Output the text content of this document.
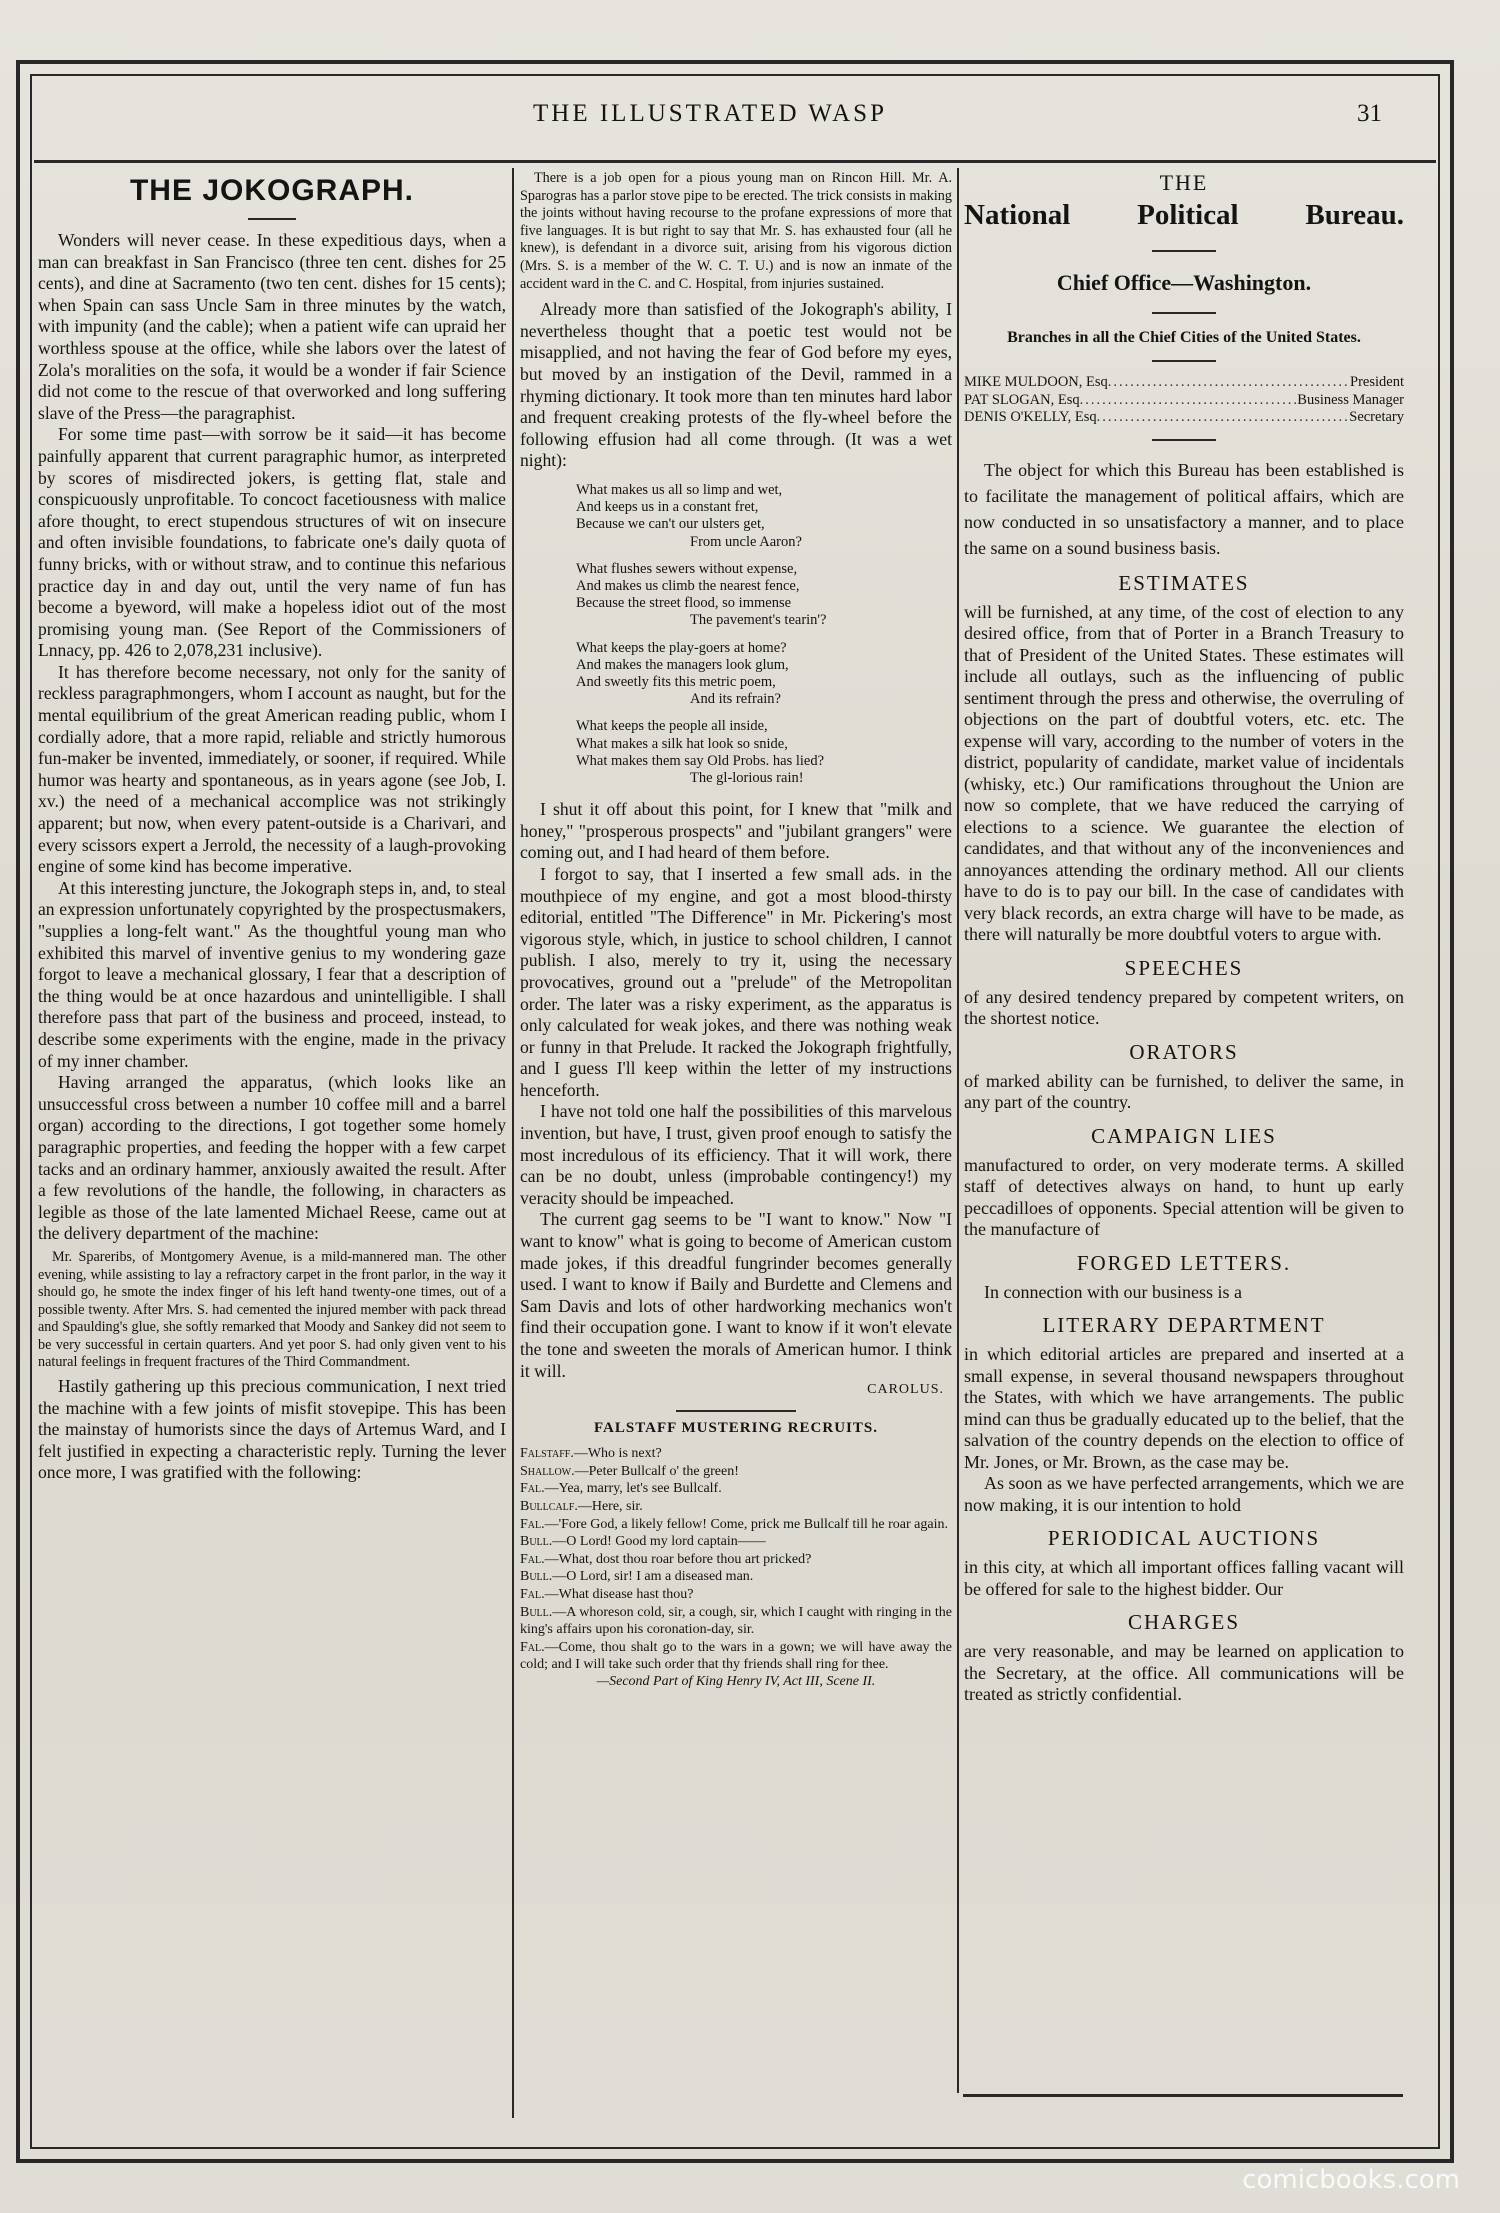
THE ILLUSTRATED WASP	31
THE JOKOGRAPH.

Wonders will never cease. In these expeditious days, when a man can breakfast in San Francisco (three ten cent. dishes for 25 cents), and dine at Sacramento (two ten cent. dishes for 15 cents); when Spain can sass Uncle Sam in three minutes by the watch, with impunity (and the cable); when a patient wife can upraid her worthless spouse at the office, while she labors over the latest of Zola's moralities on the sofa, it would be a wonder if fair Science did not come to the rescue of that overworked and long suffering slave of the Press—the paragraphist.

For some time past—with sorrow be it said—it has become painfully apparent that current paragraphic humor, as interpreted by scores of misdirected jokers, is getting flat, stale and conspicuously unprofitable. To concoct facetiousness with malice afore thought, to erect stupendous structures of wit on insecure and often invisible foundations, to fabricate one's daily quota of funny bricks, with or without straw, and to continue this nefarious practice day in and day out, until the very name of fun has become a byeword, will make a hopeless idiot out of the most promising young man. (See Report of the Commissioners of Lnnacy, pp. 426 to 2,078,231 inclusive).

It has therefore become necessary, not only for the sanity of reckless paragraphmongers, whom I account as naught, but for the mental equilibrium of the great American reading public, whom I cordially adore, that a more rapid, reliable and strictly humorous fun-maker be invented, immediately, or sooner, if required. While humor was hearty and spontaneous, as in years agone (see Job, I. xv.) the need of a mechanical accomplice was not strikingly apparent; but now, when every patent-outside is a Charivari, and every scissors expert a Jerrold, the necessity of a laugh-provoking engine of some kind has become imperative.

At this interesting juncture, the Jokograph steps in, and, to steal an expression unfortunately copyrighted by the prospectusmakers, "supplies a long-felt want." As the thoughtful young man who exhibited this marvel of inventive genius to my wondering gaze forgot to leave a mechanical glossary, I fear that a description of the thing would be at once hazardous and unintelligible. I shall therefore pass that part of the business and proceed, instead, to describe some experiments with the engine, made in the privacy of my inner chamber.

Having arranged the apparatus, (which looks like an unsuccessful cross between a number 10 coffee mill and a barrel organ) according to the directions, I got together some homely paragraphic properties, and feeding the hopper with a few carpet tacks and an ordinary hammer, anxiously awaited the result. After a few revolutions of the handle, the following, in characters as legible as those of the late lamented Michael Reese, came out at the delivery department of the machine:

Mr. Spareribs, of Montgomery Avenue, is a mild-mannered man. The other evening, while assisting to lay a refractory carpet in the front parlor, in the way it should go, he smote the index finger of his left hand twenty-one times, out of a possible twenty. After Mrs. S. had cemented the injured member with pack thread and Spaulding's glue, she softly remarked that Moody and Sankey did not seem to be very successful in certain quarters. And yet poor S. had only given vent to his natural feelings in frequent fractures of the Third Commandment.

Hastily gathering up this precious communication, I next tried the machine with a few joints of misfit stovepipe. This has been the mainstay of humorists since the days of Artemus Ward, and I felt justified in expecting a characteristic reply. Turning the lever once more, I was gratified with the following:

There is a job open for a pious young man on Rincon Hill. Mr. A. Sparogras has a parlor stove pipe to be erected. The trick consists in making the joints without having recourse to the profane expressions of more that five languages. It is but right to say that Mr. S. has exhausted four (all he knew), is defendant in a divorce suit, arising from his vigorous diction (Mrs. S. is a member of the W. C. T. U.) and is now an inmate of the accident ward in the C. and C. Hospital, from injuries sustained.

Already more than satisfied of the Jokograph's ability, I nevertheless thought that a poetic test would not be misapplied, and not having the fear of God before my eyes, but moved by an instigation of the Devil, rammed in a rhyming dictionary. It took more than ten minutes hard labor and frequent creaking protests of the fly-wheel before the following effusion had all come through. (It was a wet night):

What makes us all so limp and wet,
And keeps us in a constant fret,
Because we can't our ulsters get,
From uncle Aaron?
What flushes sewers without expense,
And makes us climb the nearest fence,
Because the street flood, so immense
The pavement's tearin'?
What keeps the play-goers at home?
And makes the managers look glum,
And sweetly fits this metric poem,
And its refrain?
What keeps the people all inside,
What makes a silk hat look so snide,
What makes them say Old Probs. has lied?
The gl-lorious rain!

I shut it off about this point, for I knew that "milk and honey," "prosperous prospects" and "jubilant grangers" were coming out, and I had heard of them before.

I forgot to say, that I inserted a few small ads. in the mouthpiece of my engine, and got a most blood-thirsty editorial, entitled "The Difference" in Mr. Pickering's most vigorous style, which, in justice to school children, I cannot publish. I also, merely to try it, using the necessary provocatives, ground out a "prelude" of the Metropolitan order. The later was a risky experiment, as the apparatus is only calculated for weak jokes, and there was nothing weak or funny in that Prelude. It racked the Jokograph frightfully, and I guess I'll keep within the letter of my instructions henceforth.

I have not told one half the possibilities of this marvelous invention, but have, I trust, given proof enough to satisfy the most incredulous of its efficiency. That it will work, there can be no doubt, unless (improbable contingency!) my veracity should be impeached.

The current gag seems to be "I want to know." Now "I want to know" what is going to become of American custom made jokes, if this dreadful fungrinder becomes generally used. I want to know if Baily and Burdette and Clemens and Sam Davis and lots of other hardworking mechanics won't find their occupation gone. I want to know if it won't elevate the tone and sweeten the morals of American humor. I think it will.

CAROLUS.

FALSTAFF MUSTERING RECRUITS.

Falstaff.—Who is next?

Shallow.—Peter Bullcalf o' the green!

Fal.—Yea, marry, let's see Bullcalf.

Bullcalf.—Here, sir.

Fal.—'Fore God, a likely fellow! Come, prick me Bullcalf till he roar again.

Bull.—O Lord! Good my lord captain——

Fal.—What, dost thou roar before thou art pricked?

Bull.—O Lord, sir! I am a diseased man.

Fal.—What disease hast thou?

Bull.—A whoreson cold, sir, a cough, sir, which I caught with ringing in the king's affairs upon his coronation-day, sir.

Fal.—Come, thou shalt go to the wars in a gown; we will have away the cold; and I will take such order that thy friends shall ring for thee.

—Second Part of King Henry IV, Act III, Scene II.

THE

National Political Bureau.

Chief Office—Washington.

Branches in all the Chief Cities of the United States.

MIKE MULDOON, Esq .....	President
PAT SLOGAN, Esq .....	Business Manager
DENIS O'KELLY, Esq .....	Secretary

The object for which this Bureau has been established is to facilitate the management of political affairs, which are now conducted in so unsatisfactory a manner, and to place the same on a sound business basis.

ESTIMATES

will be furnished, at any time, of the cost of election to any desired office, from that of Porter in a Branch Treasury to that of President of the United States. These estimates will include all outlays, such as the influencing of public sentiment through the press and otherwise, the overruling of objections on the part of doubtful voters, etc. etc. The expense will vary, according to the number of voters in the district, popularity of candidate, market value of incidentals (whisky, etc.) Our ramifications throughout the Union are now so complete, that we have reduced the carrying of elections to a science. We guarantee the election of candidates, and that without any of the inconveniences and annoyances attending the ordinary method. All our clients have to do is to pay our bill. In the case of candidates with very black records, an extra charge will have to be made, as there will naturally be more doubtful voters to argue with.

SPEECHES

of any desired tendency prepared by competent writers, on the shortest notice.

ORATORS

of marked ability can be furnished, to deliver the same, in any part of the country.

CAMPAIGN LIES

manufactured to order, on very moderate terms. A skilled staff of detectives always on hand, to hunt up early peccadilloes of opponents. Special attention will be given to the manufacture of

FORGED LETTERS.

In connection with our business is a

LITERARY DEPARTMENT

in which editorial articles are prepared and inserted at a small expense, in several thousand newspapers throughout the States, with which we have arrangements. The public mind can thus be gradually educated up to the belief, that the salvation of the country depends on the election to office of Mr. Jones, or Mr. Brown, as the case may be.

As soon as we have perfected arrangements, which we are now making, it is our intention to hold

PERIODICAL AUCTIONS

in this city, at which all important offices falling vacant will be offered for sale to the highest bidder. Our

CHARGES

are very reasonable, and may be learned on application to the Secretary, at the office. All communications will be treated as strictly confidential.

comicbooks.com
